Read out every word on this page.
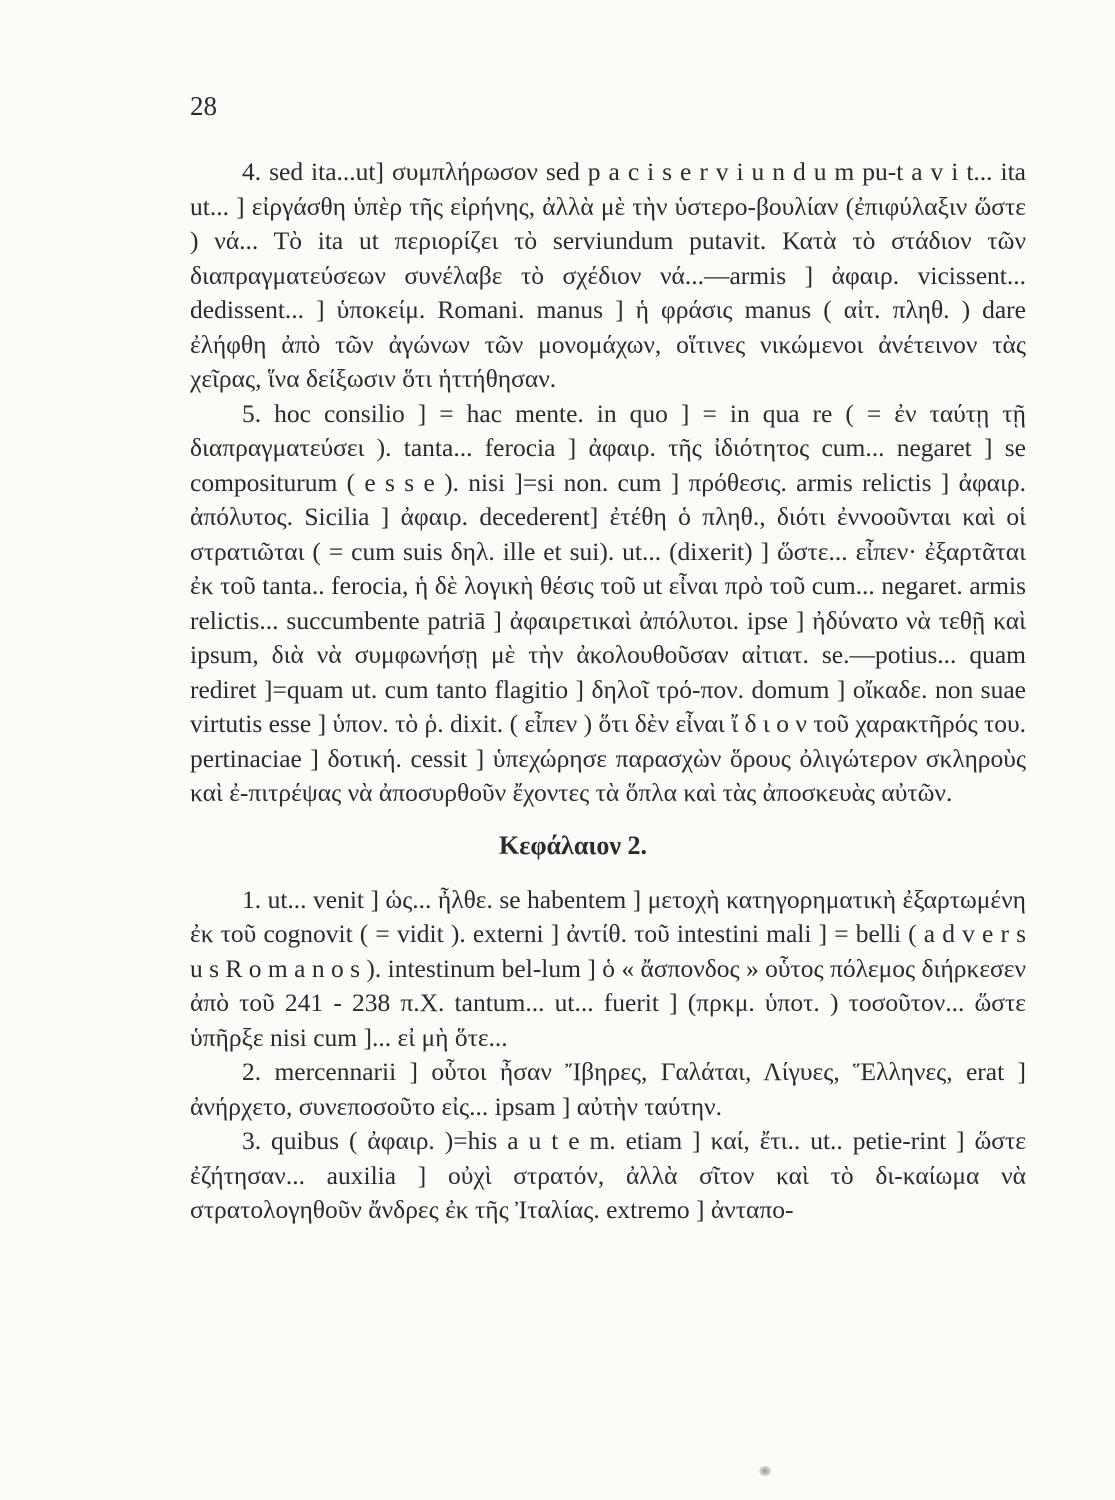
28

4. sed ita...ut] συμπλήρωσον sed p a c i s e r v i u n d u m pu-t a v i t... ita ut... ] εἰργάσθη ὑπὲρ τῆς εἰρήνης, ἀλλὰ μὲ τὴν ὑστερο-βουλίαν (ἐπιφύλαξιν ὥστε ) νά... Τὸ ita ut περιορίζει τὸ serviundum putavit. Κατὰ τὸ στάδιον τῶν διαπραγματεύσεων συνέλαβε τὸ σχέδιον νά...—armis ] ἀφαιρ. vicissent... dedissent... ] ὑποκείμ. Romani. manus ] ἡ φράσις manus ( αἰτ. πληθ. ) dare ἐλήφθη ἀπὸ τῶν ἀγώνων τῶν μονομάχων, οἵτινες νικώμενοι ἀνέτεινον τὰς χεῖρας, ἵνα δείξωσιν ὅτι ἡττήθησαν.

5. hoc consilio ] = hac mente. in quo ] = in qua re ( = ἐν ταύτῃ τῇ διαπραγματεύσει ). tanta... ferocia ] ἀφαιρ. τῆς ἰδιότητος cum... negaret ] se compositurum ( e s s e ). nisi ]=si non. cum ] πρόθεσις. armis relictis ] ἀφαιρ. ἀπόλυτος. Sicilia ] ἀφαιρ. decederent] ἐτέθη ὁ πληθ., διότι ἐννοοῦνται καὶ οἱ στρατιῶται ( = cum suis δηλ. ille et sui). ut... (dixerit) ] ὥστε... εἶπεν· ἐξαρτᾶται ἐκ τοῦ tanta.. ferocia, ἡ δὲ λογικὴ θέσις τοῦ ut εἶναι πρὸ τοῦ cum... negaret. armis relictis... succumbente patriā ] ἀφαιρετικαὶ ἀπόλυτοι. ipse ] ἠδύνατο νὰ τεθῇ καὶ ipsum, διὰ νὰ συμφωνήσῃ μὲ τὴν ἀκολουθοῦσαν αἰτιατ. se.—potius... quam rediret ]=quam ut. cum tanto flagitio ] δηλοῖ τρό-πον. domum ] οἴκαδε. non suae virtutis esse ] ὑπον. τὸ ῥ. dixit. ( εἶπεν ) ὅτι δὲν εἶναι ἴ δ ι ο ν τοῦ χαρακτῆρός του. pertinaciae ] δοτική. cessit ] ὑπεχώρησε παρασχὼν ὅρους ὀλιγώτερον σκληροὺς καὶ ἐ-πιτρέψας νὰ ἀποσυρθοῦν ἔχοντες τὰ ὅπλα καὶ τὰς ἀποσκευὰς αὐτῶν.

Κεφάλαιον 2.

1. ut... venit ] ὡς... ἦλθε. se habentem ] μετοχὴ κατηγορηματικὴ ἐξαρτωμένη ἐκ τοῦ cognovit ( = vidit ). externi ] ἀντίθ. τοῦ intestini mali ] = belli ( a d v e r s u s R o m a n o s ). intestinum bel-lum ] ὁ « ἄσπονδος » οὗτος πόλεμος διήρκεσεν ἀπὸ τοῦ 241 - 238 π.Χ. tantum... ut... fuerit ] (πρκμ. ὑποτ. ) τοσοῦτον... ὥστε ὑπῆρξε nisi cum ]... εἰ μὴ ὅτε...

2. mercennarii ] οὗτοι ἦσαν Ἴβηρες, Γαλάται, Λίγυες, Ἕλληνες, erat ] ἀνήρχετο, συνεποσοῦτο εἰς... ipsam ] αὐτὴν ταύτην.

3. quibus ( ἀφαιρ. )=his a u t e m. etiam ] καί, ἔτι.. ut.. petie-rint ] ὥστε ἐζήτησαν... auxilia ] οὐχὶ στρατόν, ἀλλὰ σῖτον καὶ τὸ δι-καίωμα νὰ στρατολογηθοῦν ἄνδρες ἐκ τῆς Ἰταλίας. extremo ] ἀνταπο-
